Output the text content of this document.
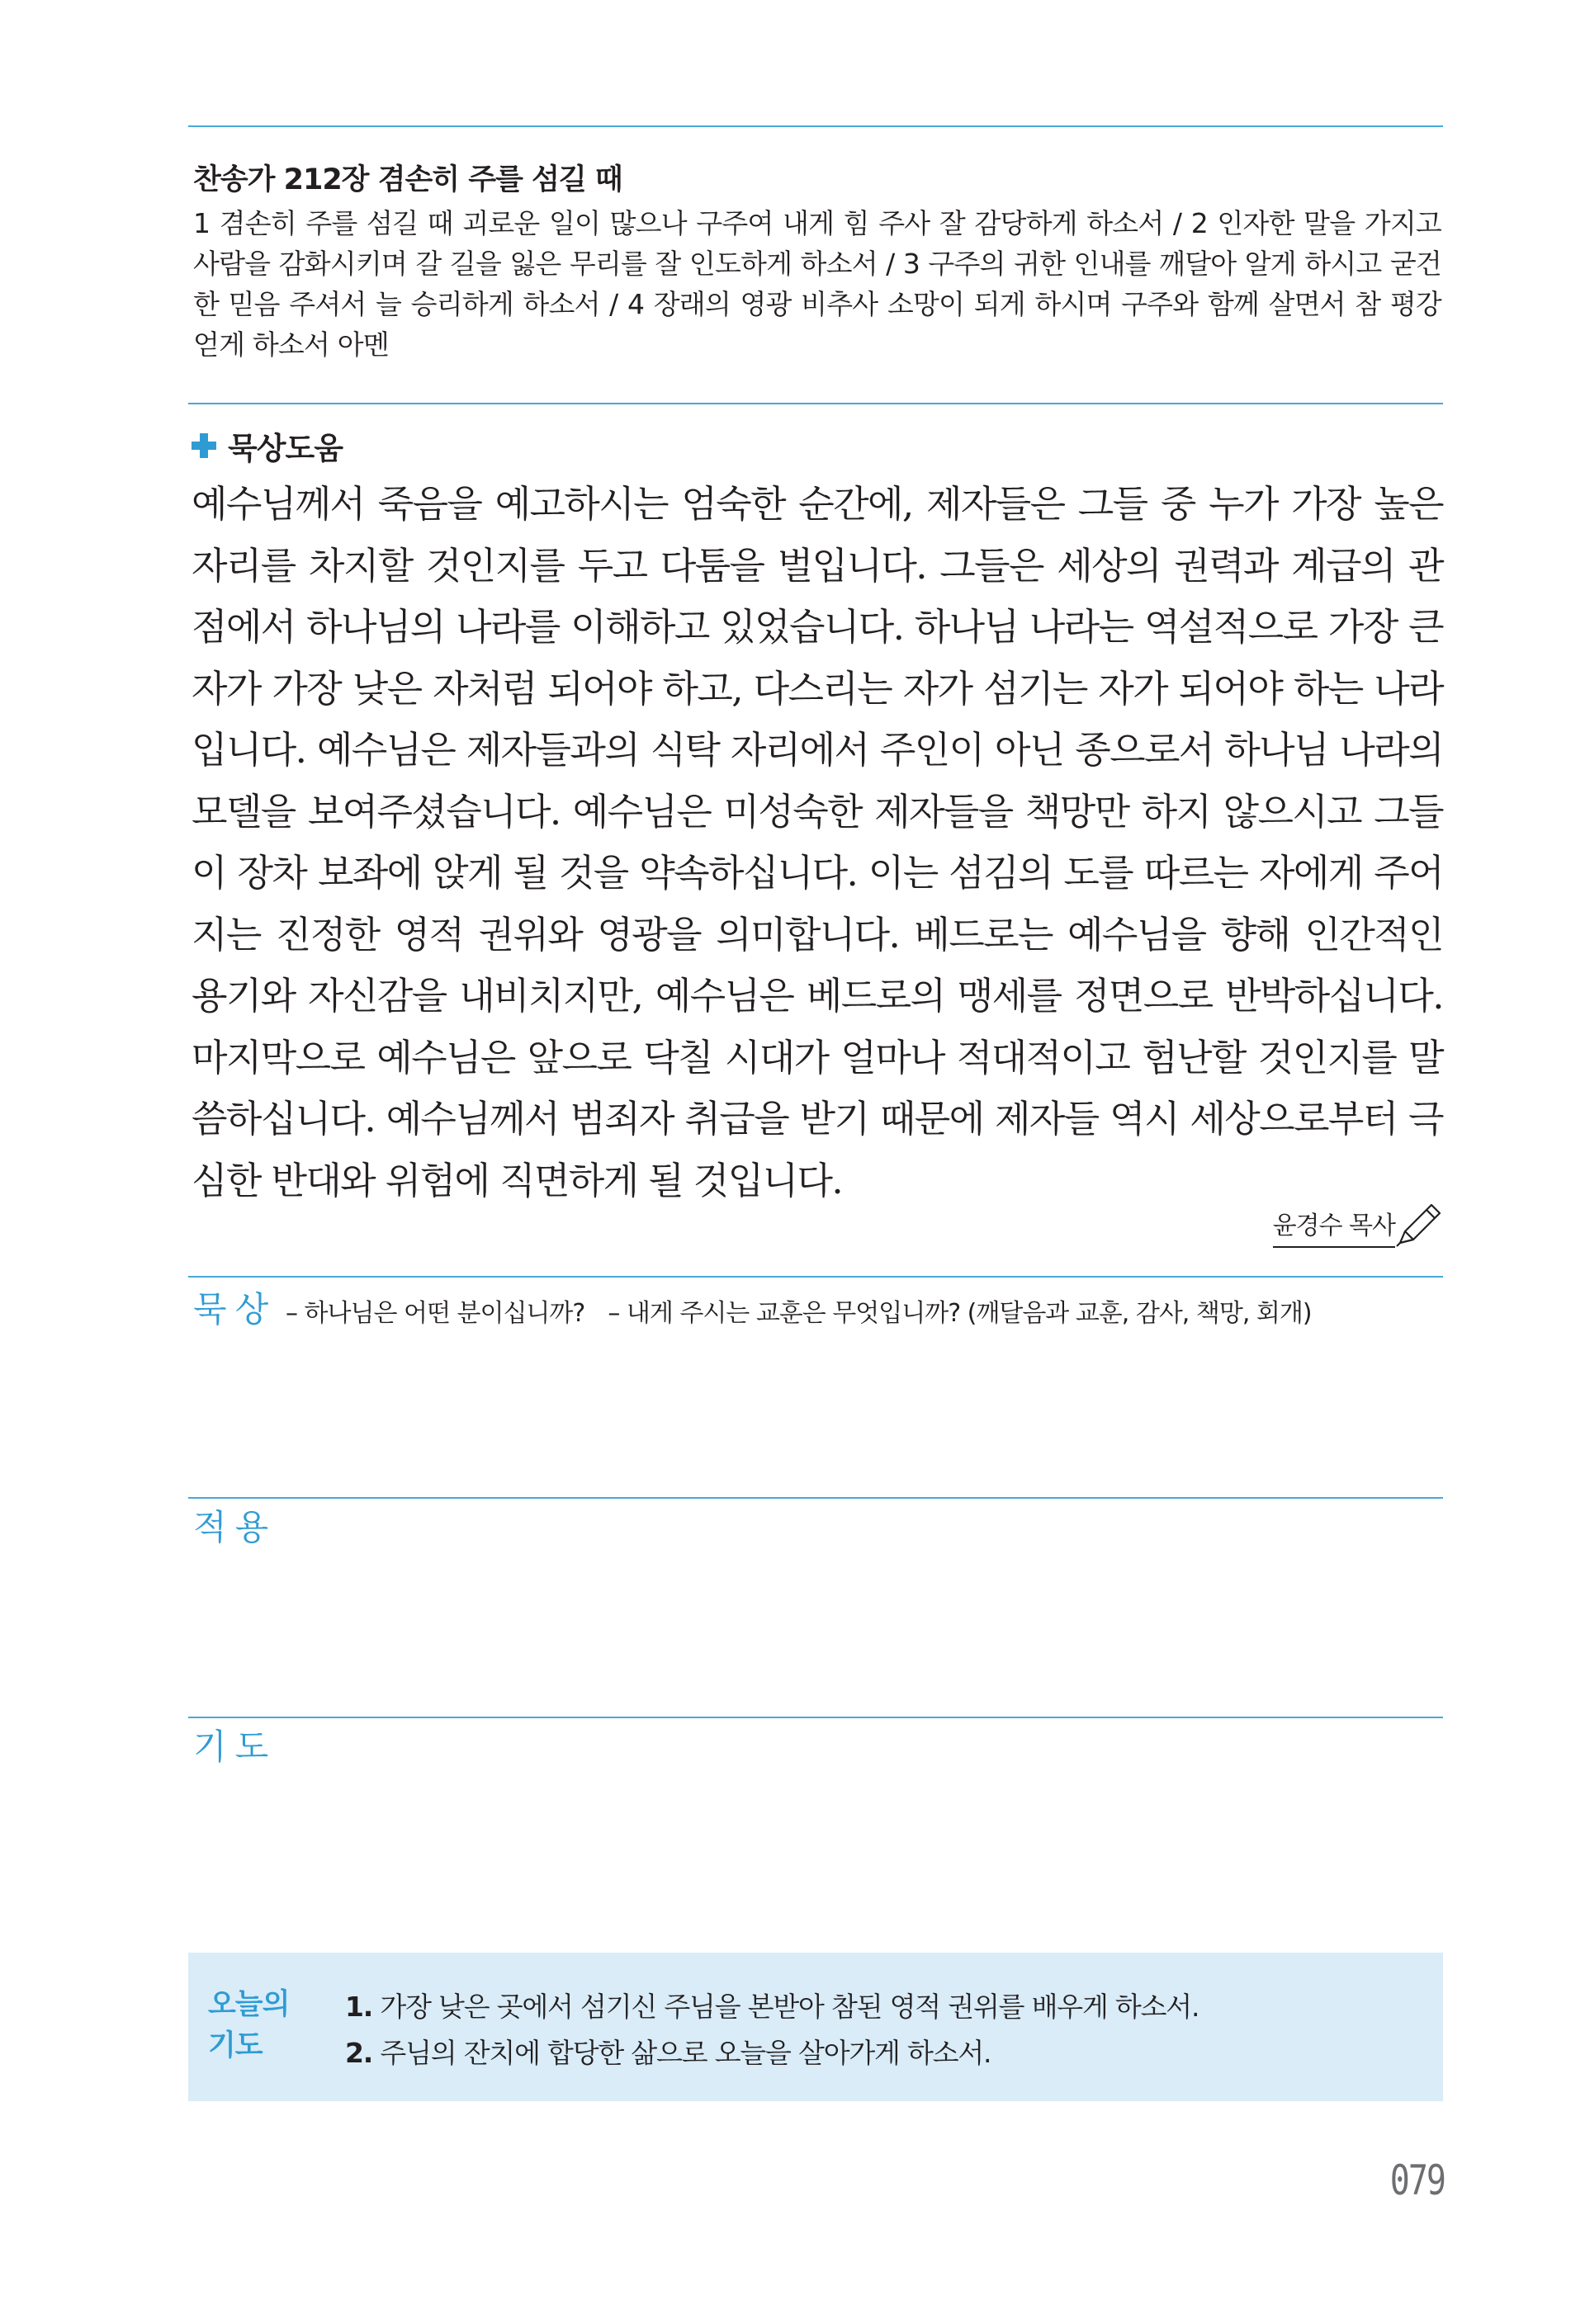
찬송가 212장 겸손히 주를 섬길 때
1 겸손히 주를 섬길 때 괴로운 일이 많으나 구주여 내게 힘 주사 잘 감당하게 하소서 / 2 인자한 말을 가지고 사람을 감화시키며 갈 길을 잃은 무리를 잘 인도하게 하소서 / 3 구주의 귀한 인내를 깨달아 알게 하시고 굳건한 믿음 주셔서 늘 승리하게 하소서 / 4 장래의 영광 비추사 소망이 되게 하시며 구주와 함께 살면서 참 평강 얻게 하소서 아멘
묵상도움
예수님께서 죽음을 예고하시는 엄숙한 순간에, 제자들은 그들 중 누가 가장 높은 자리를 차지할 것인지를 두고 다툼을 벌입니다. 그들은 세상의 권력과 계급의 관점에서 하나님의 나라를 이해하고 있었습니다. 하나님 나라는 역설적으로 가장 큰 자가 가장 낮은 자처럼 되어야 하고, 다스리는 자가 섬기는 자가 되어야 하는 나라입니다. 예수님은 제자들과의 식탁 자리에서 주인이 아닌 종으로서 하나님 나라의 모델을 보여주셨습니다. 예수님은 미성숙한 제자들을 책망만 하지 않으시고 그들이 장차 보좌에 앉게 될 것을 약속하십니다. 이는 섬김의 도를 따르는 자에게 주어지는 진정한 영적 권위와 영광을 의미합니다. 베드로는 예수님을 향해 인간적인 용기와 자신감을 내비치지만, 예수님은 베드로의 맹세를 정면으로 반박하십니다. 마지막으로 예수님은 앞으로 닥칠 시대가 얼마나 적대적이고 험난할 것인지를 말씀하십니다. 예수님께서 범죄자 취급을 받기 때문에 제자들 역시 세상으로부터 극심한 반대와 위험에 직면하게 될 것입니다.
윤경수 목사
묵상 – 하나님은 어떤 분이십니까? – 내게 주시는 교훈은 무엇입니까? (깨달음과 교훈, 감사, 책망, 회개)
적용
기도
오늘의
기도
1. 가장 낮은 곳에서 섬기신 주님을 본받아 참된 영적 권위를 배우게 하소서.
2. 주님의 잔치에 합당한 삶으로 오늘을 살아가게 하소서.
079
